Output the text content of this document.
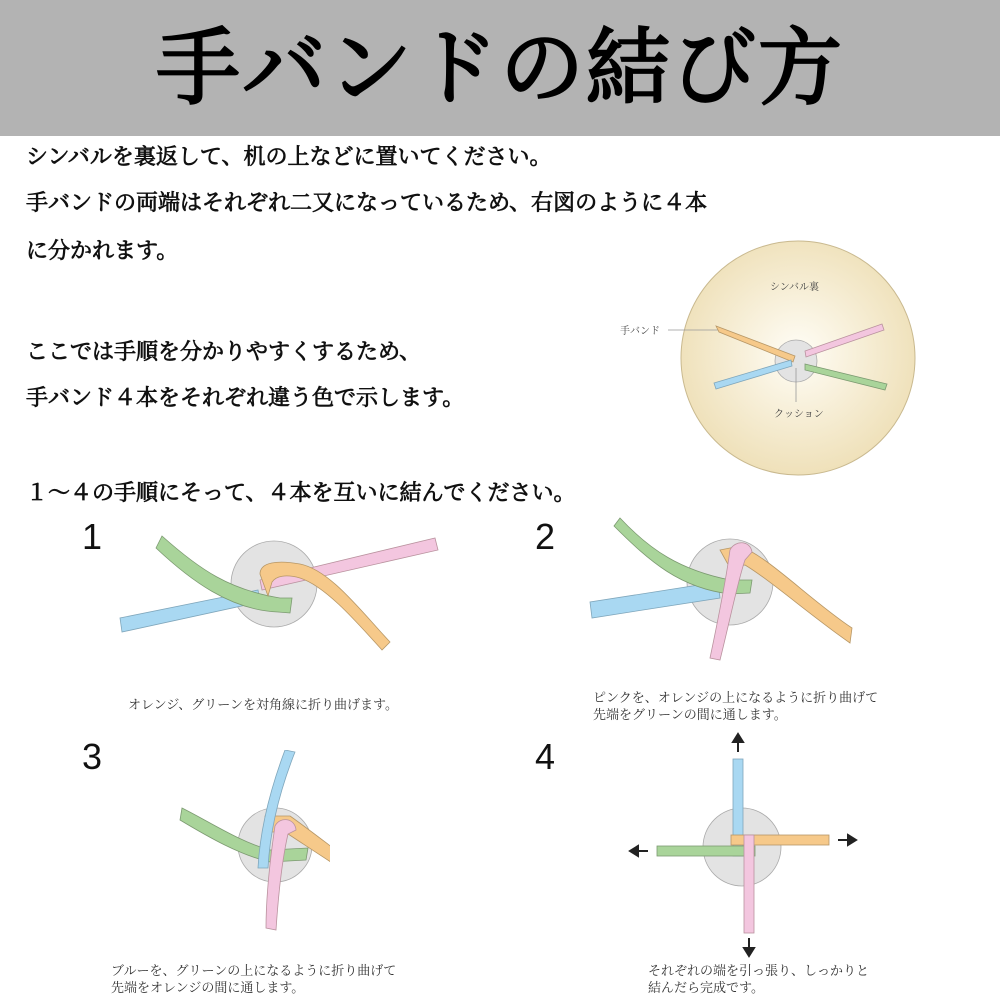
手バンドの結び方
シンバルを裏返して、机の上などに置いてください。
手バンドの両端はそれぞれ二又になっているため、右図のように４本
に分かれます。
ここでは手順を分かりやすくするため、
手バンド４本をそれぞれ違う色で示します。
１～４の手順にそって、４本を互いに結んでください。
シンバル裏
手バンド
クッション
1
オレンジ、グリーンを対角線に折り曲げます。
2
ピンクを、オレンジの上になるように折り曲げて
先端をグリーンの間に通します。
3
ブルーを、グリーンの上になるように折り曲げて
先端をオレンジの間に通します。
4
それぞれの端を引っ張り、しっかりと
結んだら完成です。
